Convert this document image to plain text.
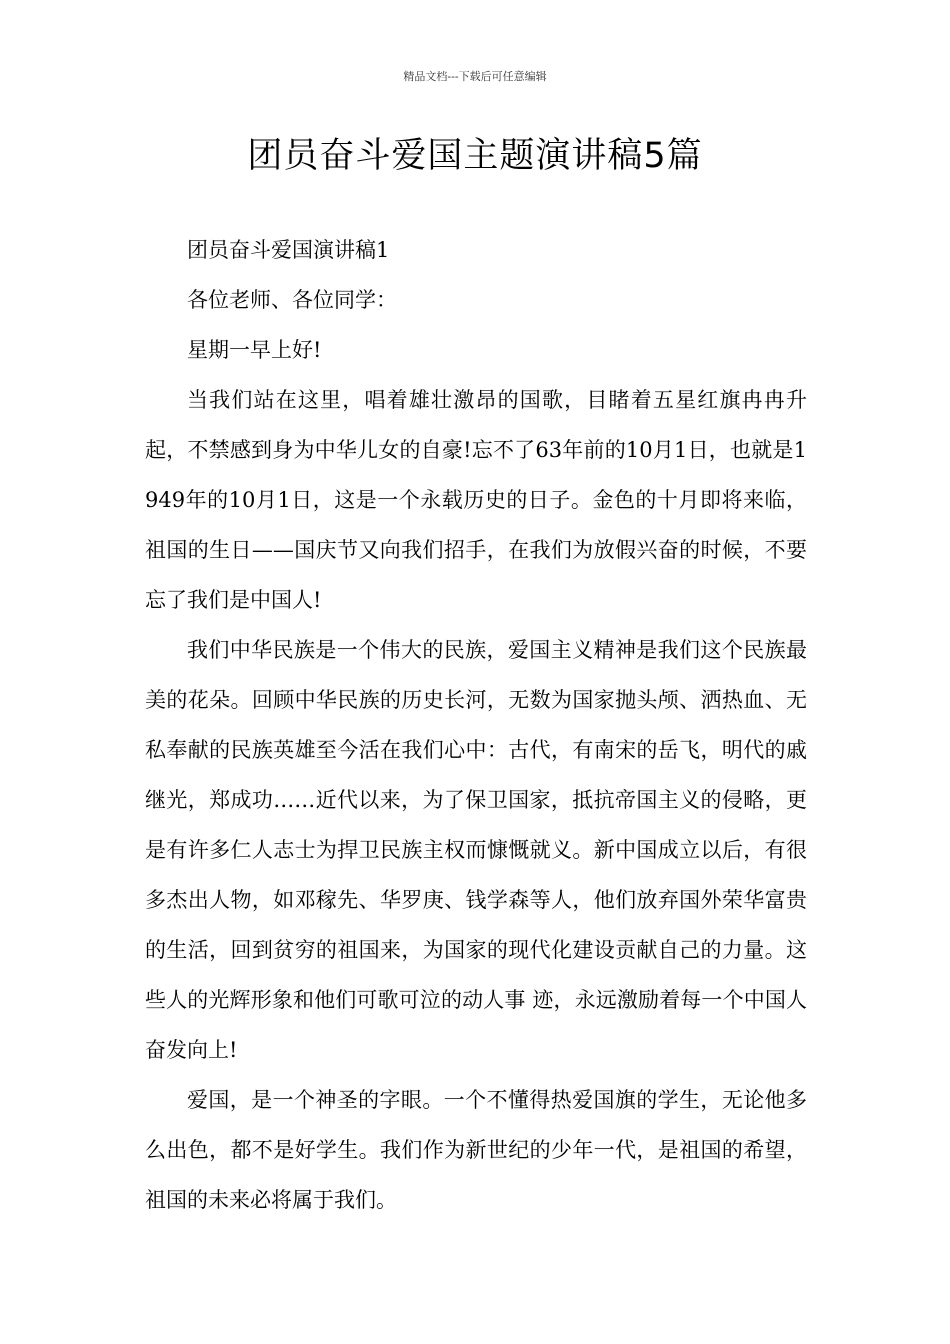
精品文档---下载后可任意编辑
团员奋斗爱国主题演讲稿5篇

团员奋斗爱国演讲稿1

各位老师、各位同学：

星期一早上好!

当我们站在这里，唱着雄壮激昂的国歌，目睹着五星红旗冉冉升起，不禁感到身为中华儿女的自豪!忘不了63年前的10月1日，也就是1949年的10月1日，这是一个永载历史的日子。金色的十月即将来临，祖国的生日——国庆节又向我们招手，在我们为放假兴奋的时候，不要忘了我们是中国人!

我们中华民族是一个伟大的民族，爱国主义精神是我们这个民族最美的花朵。回顾中华民族的历史长河，无数为国家抛头颅、洒热血、无私奉献的民族英雄至今活在我们心中：古代，有南宋的岳飞，明代的戚继光，郑成功……近代以来，为了保卫国家，抵抗帝国主义的侵略，更是有许多仁人志士为捍卫民族主权而慷慨就义。新中国成立以后，有很多杰出人物，如邓稼先、华罗庚、钱学森等人，他们放弃国外荣华富贵的生活，回到贫穷的祖国来，为国家的现代化建设贡献自己的力量。这些人的光辉形象和他们可歌可泣的动人事 迹，永远激励着每一个中国人奋发向上!

爱国，是一个神圣的字眼。一个不懂得热爱国旗的学生，无论他多么出色，都不是好学生。我们作为新世纪的少年一代，是祖国的希望，祖国的未来必将属于我们。
